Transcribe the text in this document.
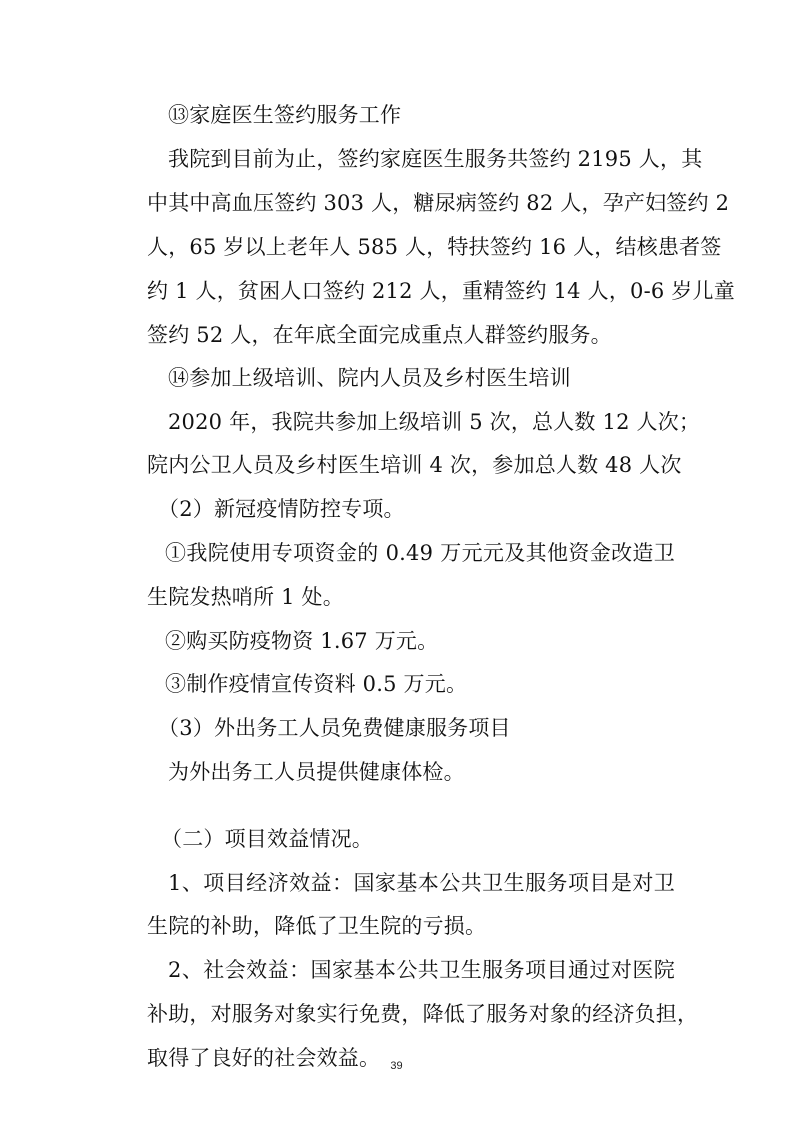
⑬家庭医生签约服务工作
我院到目前为止，签约家庭医生服务共签约 2195 人，其
中其中高血压签约 303 人，糖尿病签约 82 人，孕产妇签约 2
人，65 岁以上老年人 585 人，特扶签约 16 人，结核患者签
约 1 人，贫困人口签约 212 人，重精签约 14 人，0-6 岁儿童
签约 52 人，在年底全面完成重点人群签约服务。
⑭参加上级培训、院内人员及乡村医生培训
2020 年，我院共参加上级培训 5 次，总人数 12 人次；
院内公卫人员及乡村医生培训 4 次，参加总人数 48 人次
（2）新冠疫情防控专项。
①我院使用专项资金的 0.49 万元元及其他资金改造卫
生院发热哨所 1 处。
②购买防疫物资 1.67 万元。
③制作疫情宣传资料 0.5 万元。
（3）外出务工人员免费健康服务项目
为外出务工人员提供健康体检。
（二）项目效益情况。
1、项目经济效益：国家基本公共卫生服务项目是对卫
生院的补助，降低了卫生院的亏损。
2、社会效益：国家基本公共卫生服务项目通过对医院
补助，对服务对象实行免费，降低了服务对象的经济负担，
取得了良好的社会效益。 39
